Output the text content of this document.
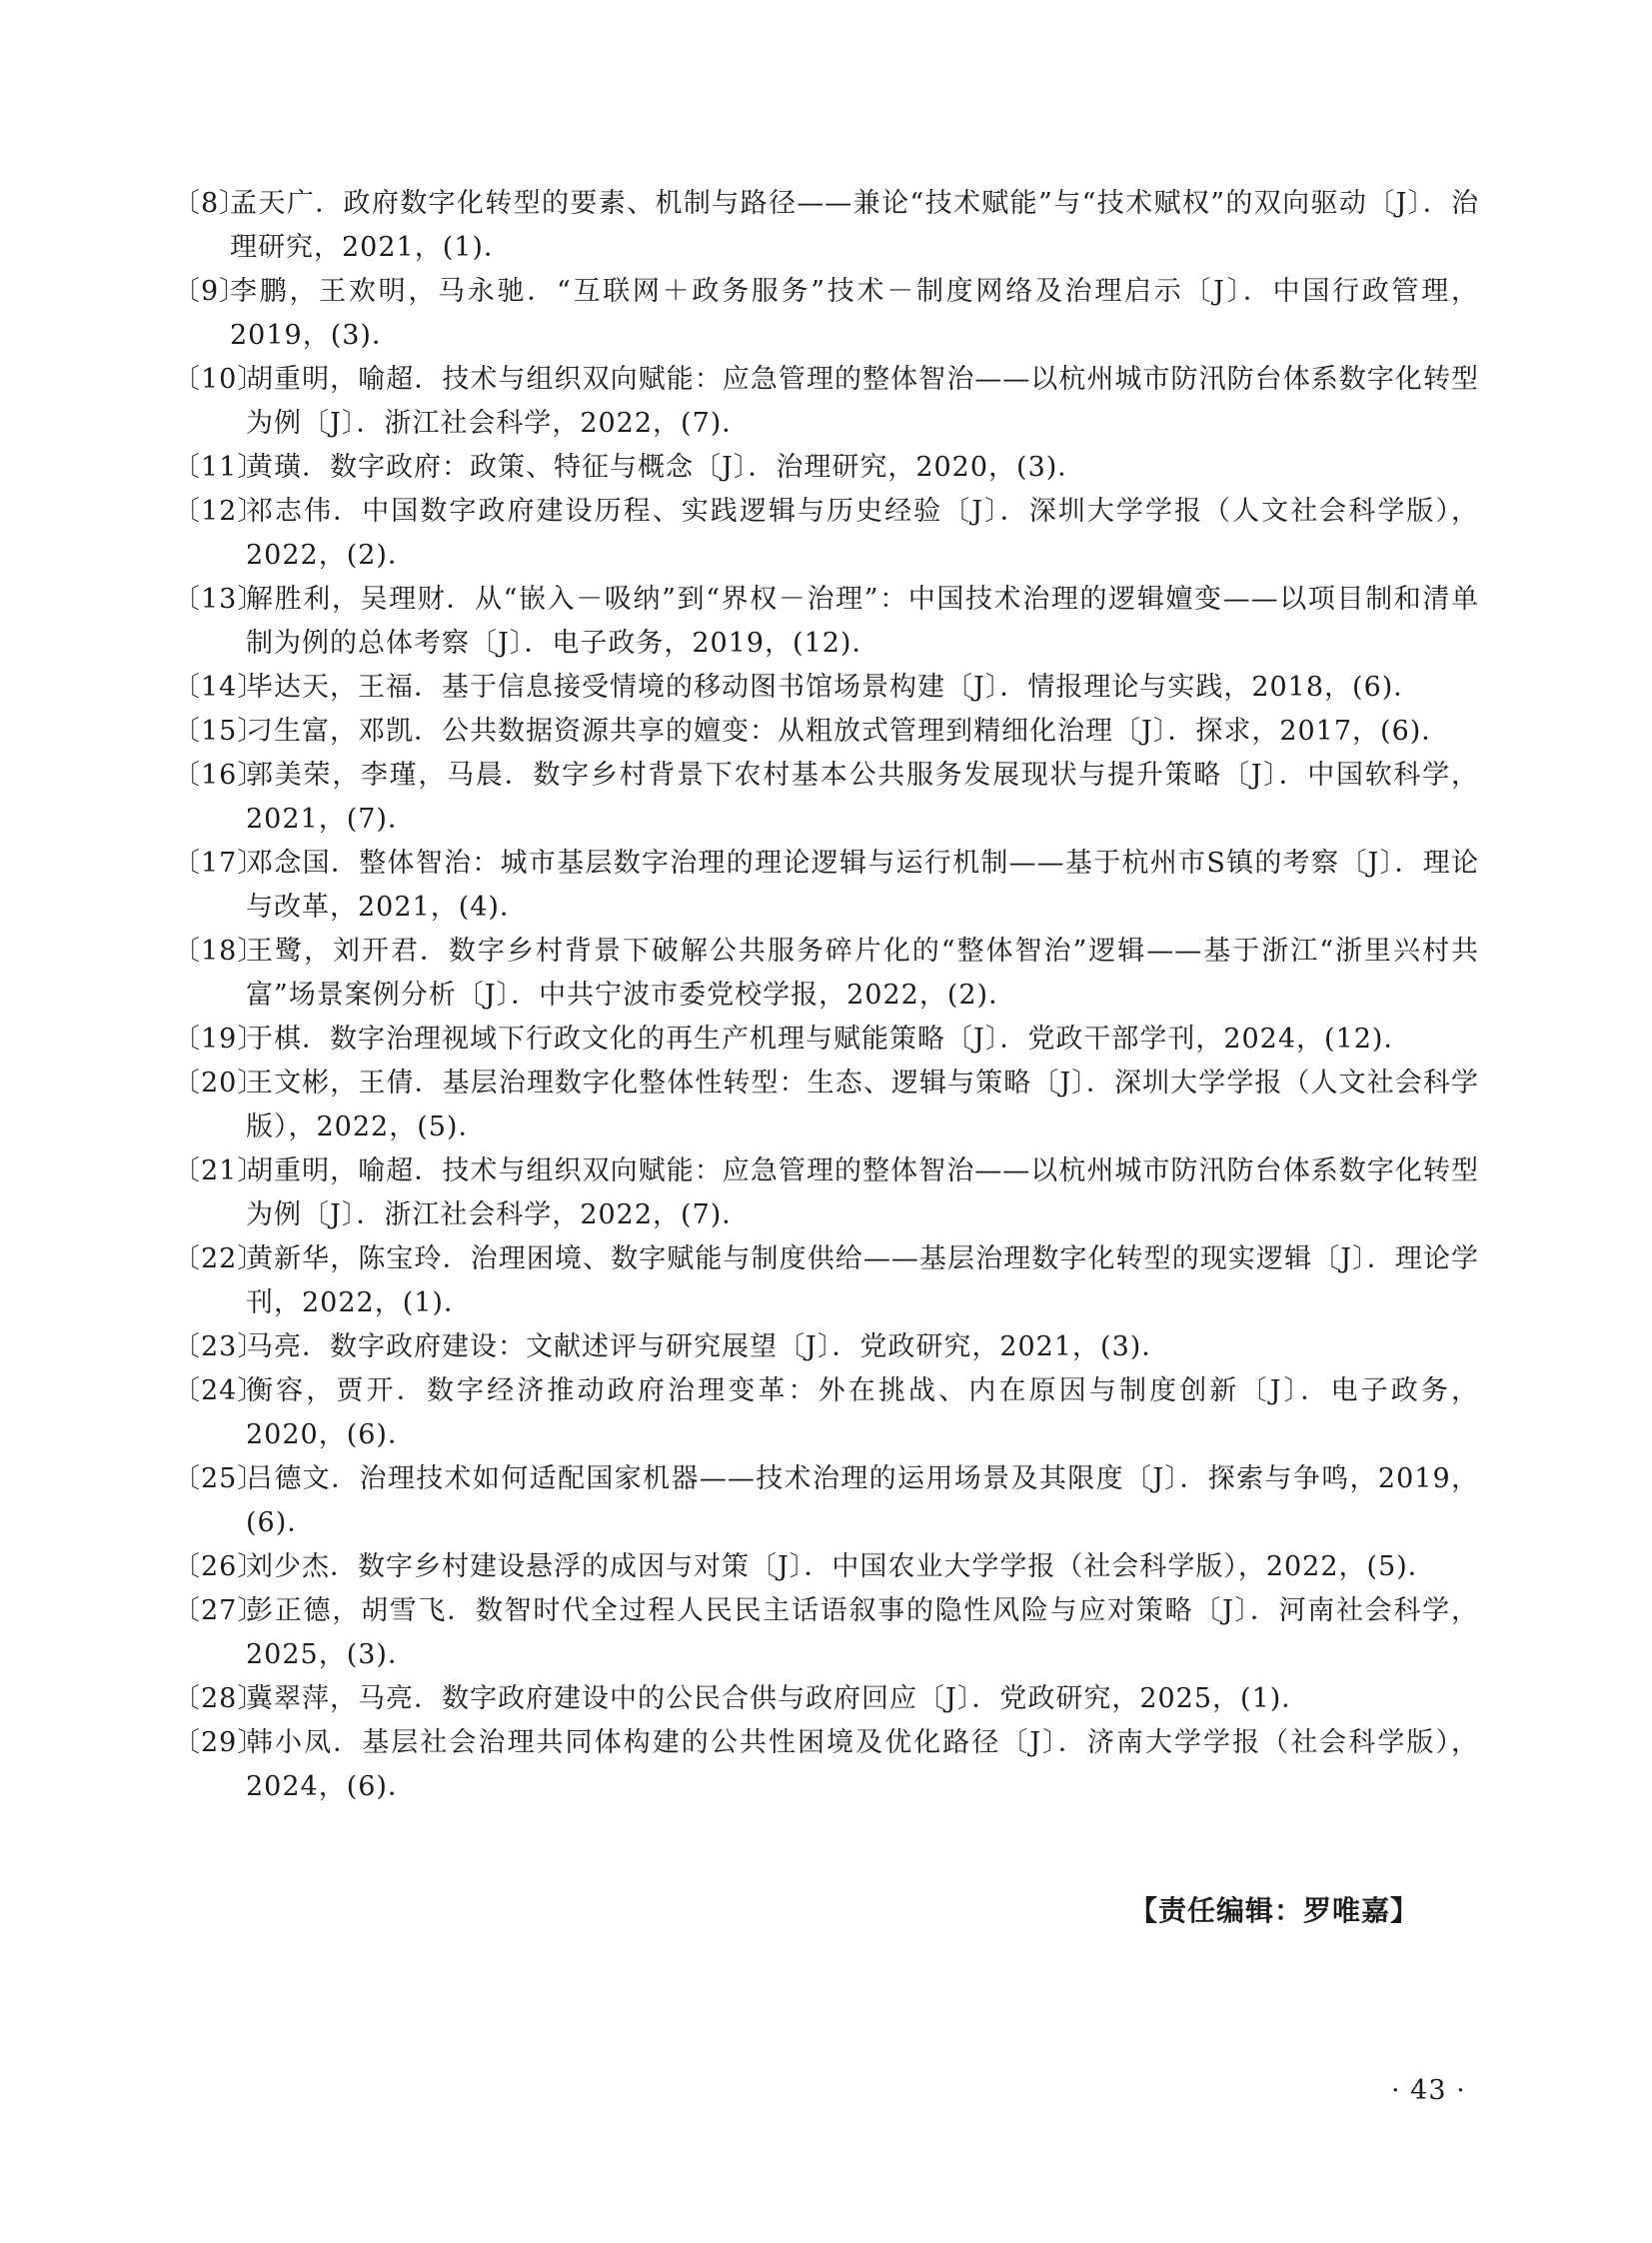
〔8〕
孟天广．政府数字化转型的要素、机制与路径——兼论“技术赋能”与“技术赋权”的双向驱动〔J〕．治理研究，2021，(1)．
〔9〕
李鹏，王欢明，马永驰．“互联网＋政务服务”技术－制度网络及治理启示〔J〕．中国行政管理，2019，(3)．
〔10〕
胡重明，喻超．技术与组织双向赋能：应急管理的整体智治——以杭州城市防汛防台体系数字化转型为例〔J〕．浙江社会科学，2022，(7)．
〔11〕
黄璜．数字政府：政策、特征与概念〔J〕．治理研究，2020，(3)．
〔12〕
祁志伟．中国数字政府建设历程、实践逻辑与历史经验〔J〕．深圳大学学报（人文社会科学版），2022，(2)．
〔13〕
解胜利，吴理财．从“嵌入－吸纳”到“界权－治理”：中国技术治理的逻辑嬗变——以项目制和清单制为例的总体考察〔J〕．电子政务，2019，(12)．
〔14〕
毕达天，王福．基于信息接受情境的移动图书馆场景构建〔J〕．情报理论与实践，2018，(6)．
〔15〕
刁生富，邓凯．公共数据资源共享的嬗变：从粗放式管理到精细化治理〔J〕．探求，2017，(6)．
〔16〕
郭美荣，李瑾，马晨．数字乡村背景下农村基本公共服务发展现状与提升策略〔J〕．中国软科学，2021，(7)．
〔17〕
邓念国．整体智治：城市基层数字治理的理论逻辑与运行机制——基于杭州市S镇的考察〔J〕．理论与改革，2021，(4)．
〔18〕
王鹭，刘开君．数字乡村背景下破解公共服务碎片化的“整体智治”逻辑——基于浙江“浙里兴村共富”场景案例分析〔J〕．中共宁波市委党校学报，2022，(2)．
〔19〕
于棋．数字治理视域下行政文化的再生产机理与赋能策略〔J〕．党政干部学刊，2024，(12)．
〔20〕
王文彬，王倩．基层治理数字化整体性转型：生态、逻辑与策略〔J〕．深圳大学学报（人文社会科学版），2022，(5)．
〔21〕
胡重明，喻超．技术与组织双向赋能：应急管理的整体智治——以杭州城市防汛防台体系数字化转型为例〔J〕．浙江社会科学，2022，(7)．
〔22〕
黄新华，陈宝玲．治理困境、数字赋能与制度供给——基层治理数字化转型的现实逻辑〔J〕．理论学刊，2022，(1)．
〔23〕
马亮．数字政府建设：文献述评与研究展望〔J〕．党政研究，2021，(3)．
〔24〕
衡容，贾开．数字经济推动政府治理变革：外在挑战、内在原因与制度创新〔J〕．电子政务，2020，(6)．
〔25〕
吕德文．治理技术如何适配国家机器——技术治理的运用场景及其限度〔J〕．探索与争鸣，2019，(6)．
〔26〕
刘少杰．数字乡村建设悬浮的成因与对策〔J〕．中国农业大学学报（社会科学版），2022，(5)．
〔27〕
彭正德，胡雪飞．数智时代全过程人民民主话语叙事的隐性风险与应对策略〔J〕．河南社会科学，2025，(3)．
〔28〕
冀翠萍，马亮．数字政府建设中的公民合供与政府回应〔J〕．党政研究，2025，(1)．
〔29〕
韩小凤．基层社会治理共同体构建的公共性困境及优化路径〔J〕．济南大学学报（社会科学版），2024，(6)．
【责任编辑：罗唯嘉】
· 43 ·
